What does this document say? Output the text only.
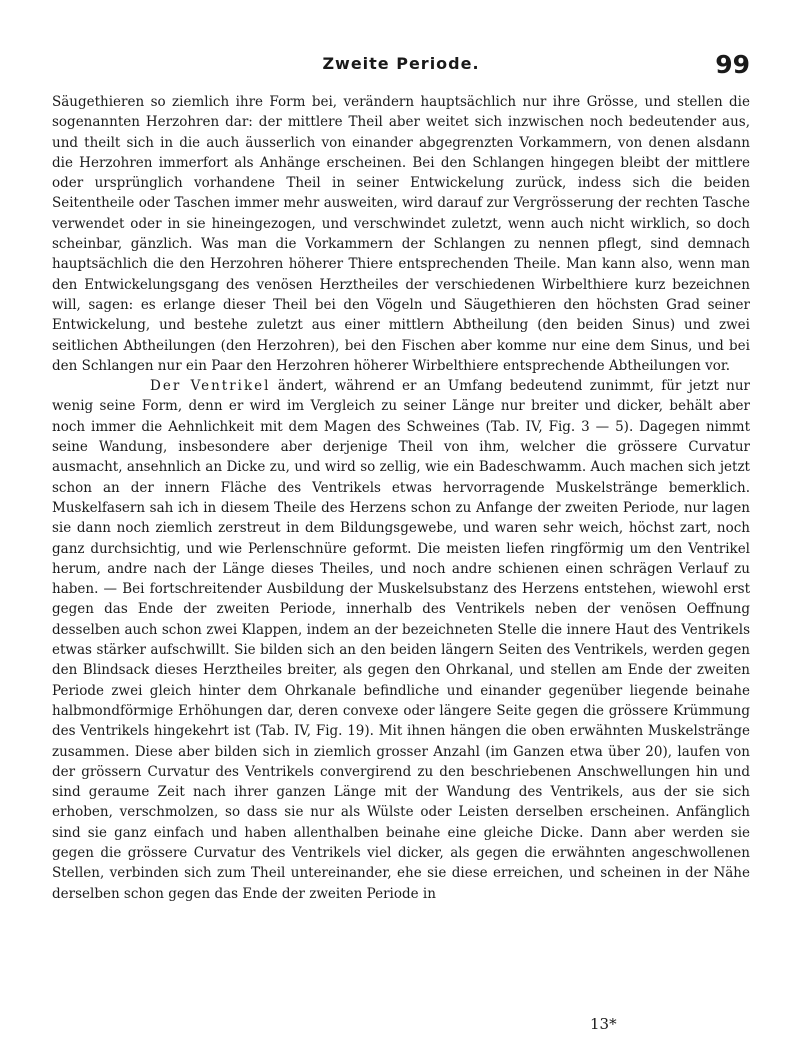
Zweite Periode.	99

Säugethieren so ziemlich ihre Form bei, verändern hauptsächlich nur ihre Grösse, und stellen die sogenannten Herzohren dar: der mittlere Theil aber weitet sich inzwischen noch bedeutender aus, und theilt sich in die auch äusserlich von einander abgegrenzten Vorkammern, von denen alsdann die Herzohren immerfort als Anhänge erscheinen. Bei den Schlangen hingegen bleibt der mittlere oder ursprünglich vorhandene Theil in seiner Entwickelung zurück, indess sich die beiden Seitentheile oder Taschen immer mehr ausweiten, wird darauf zur Vergrösserung der rechten Tasche verwendet oder in sie hineingezogen, und verschwindet zuletzt, wenn auch nicht wirklich, so doch scheinbar, gänzlich. Was man die Vorkammern der Schlangen zu nennen pflegt, sind demnach hauptsächlich die den Herzohren höherer Thiere entsprechenden Theile. Man kann also, wenn man den Entwickelungsgang des venösen Herztheiles der verschiedenen Wirbelthiere kurz bezeichnen will, sagen: es erlange dieser Theil bei den Vögeln und Säugethieren den höchsten Grad seiner Entwickelung, und bestehe zuletzt aus einer mittlern Abtheilung (den beiden Sinus) und zwei seitlichen Abtheilungen (den Herzohren), bei den Fischen aber komme nur eine dem Sinus, und bei den Schlangen nur ein Paar den Herzohren höherer Wirbelthiere entsprechende Abtheilungen vor.

Der Ventrikel ändert, während er an Umfang bedeutend zunimmt, für jetzt nur wenig seine Form, denn er wird im Vergleich zu seiner Länge nur breiter und dicker, behält aber noch immer die Aehnlichkeit mit dem Magen des Schweines (Tab. IV, Fig. 3 — 5). Dagegen nimmt seine Wandung, insbesondere aber derjenige Theil von ihm, welcher die grössere Curvatur ausmacht, ansehnlich an Dicke zu, und wird so zellig, wie ein Badeschwamm. Auch machen sich jetzt schon an der innern Fläche des Ventrikels etwas hervorragende Muskelstränge bemerklich. Muskelfasern sah ich in diesem Theile des Herzens schon zu Anfange der zweiten Periode, nur lagen sie dann noch ziemlich zerstreut in dem Bildungsgewebe, und waren sehr weich, höchst zart, noch ganz durchsichtig, und wie Perlenschnüre geformt. Die meisten liefen ringförmig um den Ventrikel herum, andre nach der Länge dieses Theiles, und noch andre schienen einen schrägen Verlauf zu haben. — Bei fortschreitender Ausbildung der Muskelsubstanz des Herzens entstehen, wiewohl erst gegen das Ende der zweiten Periode, innerhalb des Ventrikels neben der venösen Oeffnung desselben auch schon zwei Klappen, indem an der bezeichneten Stelle die innere Haut des Ventrikels etwas stärker aufschwillt. Sie bilden sich an den beiden längern Seiten des Ventrikels, werden gegen den Blindsack dieses Herztheiles breiter, als gegen den Ohrkanal, und stellen am Ende der zweiten Periode zwei gleich hinter dem Ohrkanale befindliche und einander gegenüber liegende beinahe halbmondförmige Erhöhungen dar, deren convexe oder längere Seite gegen die grössere Krümmung des Ventrikels hingekehrt ist (Tab. IV, Fig. 19). Mit ihnen hängen die oben erwähnten Muskelstränge zusammen. Diese aber bilden sich in ziemlich grosser Anzahl (im Ganzen etwa über 20), laufen von der grössern Curvatur des Ventrikels convergirend zu den beschriebenen Anschwellungen hin und sind geraume Zeit nach ihrer ganzen Länge mit der Wandung des Ventrikels, aus der sie sich erhoben, verschmolzen, so dass sie nur als Wülste oder Leisten derselben erscheinen. Anfänglich sind sie ganz einfach und haben allenthalben beinahe eine gleiche Dicke. Dann aber werden sie gegen die grössere Curvatur des Ventrikels viel dicker, als gegen die erwähnten angeschwollenen Stellen, verbinden sich zum Theil untereinander, ehe sie diese erreichen, und scheinen in der Nähe derselben schon gegen das Ende der zweiten Periode in

13*
